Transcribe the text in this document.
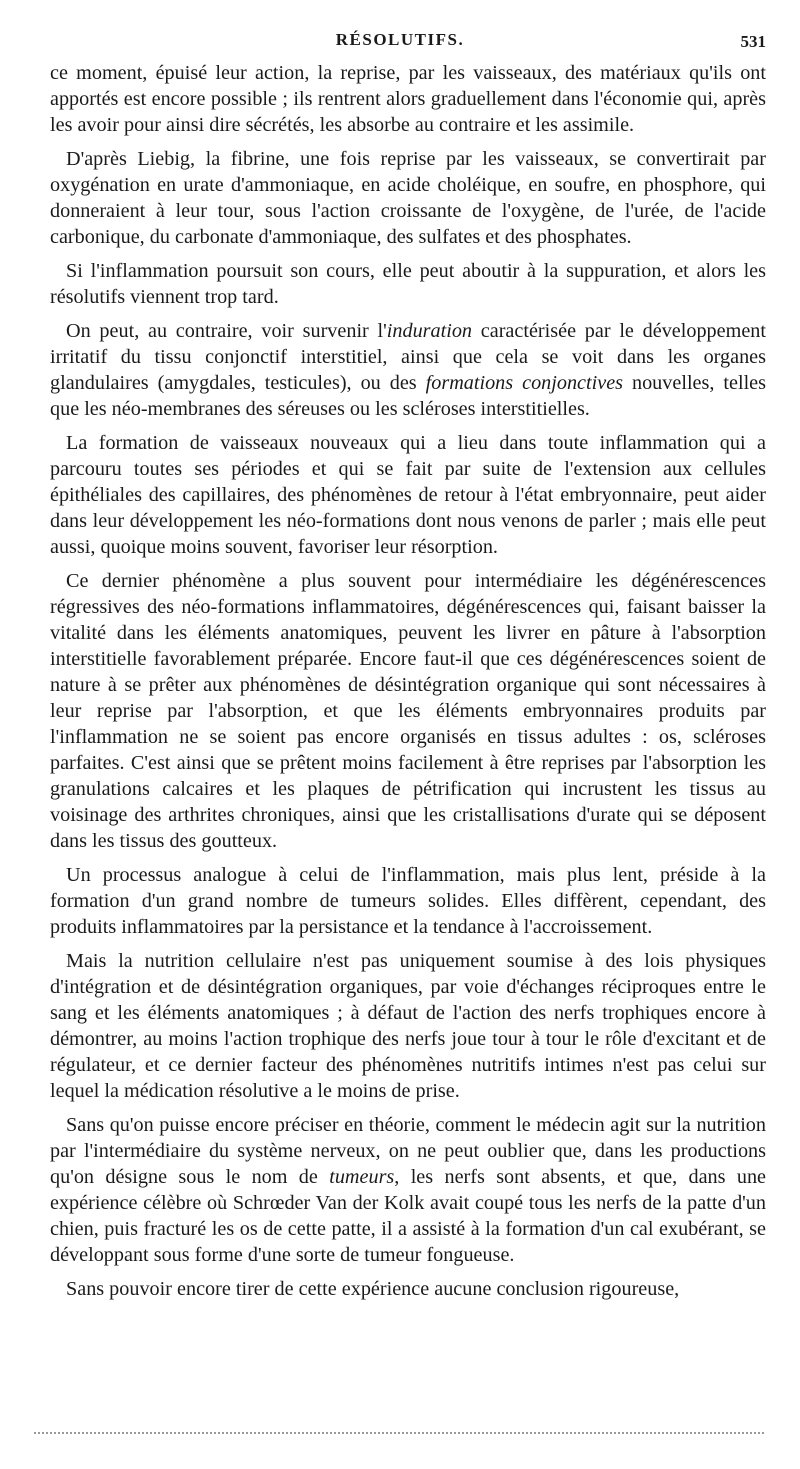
RÉSOLUTIFS.	531

ce moment, épuisé leur action, la reprise, par les vaisseaux, des matériaux qu'ils ont apportés est encore possible ; ils rentrent alors graduellement dans l'économie qui, après les avoir pour ainsi dire sécrétés, les absorbe au contraire et les assimile.

D'après Liebig, la fibrine, une fois reprise par les vaisseaux, se convertirait par oxygénation en urate d'ammoniaque, en acide choléique, en soufre, en phosphore, qui donneraient à leur tour, sous l'action croissante de l'oxygène, de l'urée, de l'acide carbonique, du carbonate d'ammoniaque, des sulfates et des phosphates.

Si l'inflammation poursuit son cours, elle peut aboutir à la suppuration, et alors les résolutifs viennent trop tard.

On peut, au contraire, voir survenir l'induration caractérisée par le développement irritatif du tissu conjonctif interstitiel, ainsi que cela se voit dans les organes glandulaires (amygdales, testicules), ou des formations conjonctives nouvelles, telles que les néo-membranes des séreuses ou les scléroses interstitielles.

La formation de vaisseaux nouveaux qui a lieu dans toute inflammation qui a parcouru toutes ses périodes et qui se fait par suite de l'extension aux cellules épithéliales des capillaires, des phénomènes de retour à l'état embryonnaire, peut aider dans leur développement les néo-formations dont nous venons de parler ; mais elle peut aussi, quoique moins souvent, favoriser leur résorption.

Ce dernier phénomène a plus souvent pour intermédiaire les dégénérescences régressives des néo-formations inflammatoires, dégénérescences qui, faisant baisser la vitalité dans les éléments anatomiques, peuvent les livrer en pâture à l'absorption interstitielle favorablement préparée. Encore faut-il que ces dégénérescences soient de nature à se prêter aux phénomènes de désintégration organique qui sont nécessaires à leur reprise par l'absorption, et que les éléments embryonnaires produits par l'inflammation ne se soient pas encore organisés en tissus adultes : os, scléroses parfaites. C'est ainsi que se prêtent moins facilement à être reprises par l'absorption les granulations calcaires et les plaques de pétrification qui incrustent les tissus au voisinage des arthrites chroniques, ainsi que les cristallisations d'urate qui se déposent dans les tissus des goutteux.

Un processus analogue à celui de l'inflammation, mais plus lent, préside à la formation d'un grand nombre de tumeurs solides. Elles diffèrent, cependant, des produits inflammatoires par la persistance et la tendance à l'accroissement.

Mais la nutrition cellulaire n'est pas uniquement soumise à des lois physiques d'intégration et de désintégration organiques, par voie d'échanges réciproques entre le sang et les éléments anatomiques ; à défaut de l'action des nerfs trophiques encore à démontrer, au moins l'action trophique des nerfs joue tour à tour le rôle d'excitant et de régulateur, et ce dernier facteur des phénomènes nutritifs intimes n'est pas celui sur lequel la médication résolutive a le moins de prise.

Sans qu'on puisse encore préciser en théorie, comment le médecin agit sur la nutrition par l'intermédiaire du système nerveux, on ne peut oublier que, dans les productions qu'on désigne sous le nom de tumeurs, les nerfs sont absents, et que, dans une expérience célèbre où Schrœder Van der Kolk avait coupé tous les nerfs de la patte d'un chien, puis fracturé les os de cette patte, il a assisté à la formation d'un cal exubérant, se développant sous forme d'une sorte de tumeur fongueuse.

Sans pouvoir encore tirer de cette expérience aucune conclusion rigoureuse,
